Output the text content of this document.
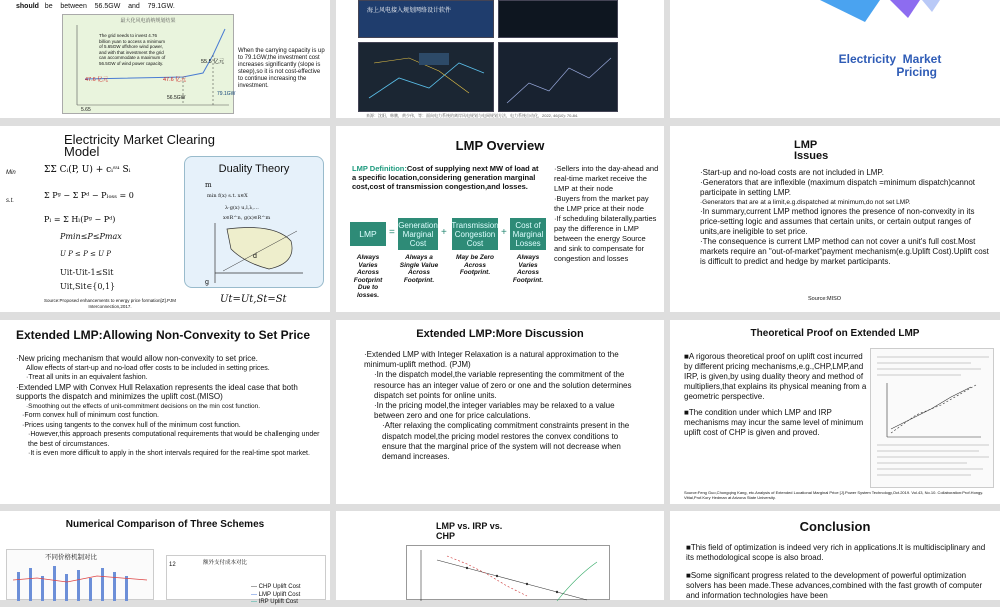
should be between 56.5GW and 79.1GW.
最大化风电消纳规划结果
The grid needs to invest 4.76 billion yuan to access a minimum of 5.65GW offshore wind power, and with that investment the grid can accommodate a maximum of 56.5GW of wind power capacity.
47.6 亿元	47.6 亿元
55.5 亿元
79.1GW
56.5GW
5.65
When the carrying capacity is up to 79.1GW,the investment cost increases significantly (slope is steep),so it is not cost-effective to continue increasing the investment.
海上风电接入规划网络设计软件
来源：沈阳，韩鹏，黄少伟，等：面向电力系统的离岸风电规划与电网规划方法，电力系统自动化，2022, 46(10): 70-84.
Electricity Market
Pricing
Electricity Market Clearing
Model
Min
s.t.
ΣΣ Cᵢ(P, U) + cᵢˢᵘ Sᵢ
Σ Pᵍ − Σ Pᵈ − Pₗₒₛₛ = 0
Pₗ = Σ Hₗ(Pᵍ − Pᵈ)
Pmin≤P≤Pmax
U P ≤ P ≤ U P
Uit-Uit-1≤Sit
Uit,Sit∈{0,1}
Source:Proposed enhancements to energy price formation[Z].PJM Interconnection,2017.
Duality Theory
m
min f(x) s.t. x∈X
λ·g(x) u,l,λ,...
x∈R^n, g(x)∈R^m
g
d
Ut=Ut,St=St
LMP Overview
LMP Definition:Cost of supplying next MW of load at a specific location,considering generation marginal cost,cost of transmission congestion,and losses.
LMP	=
Generation Marginal Cost
+
Transmission Congestion Cost
+
Cost of Marginal Losses
Always Varies Across Footprint Due to losses.
Always a Single Value Across Footprint.
May be Zero Across Footprint.
Always Varies Across Footprint.
·Sellers into the day-ahead and real-time market receive the LMP at their node
·Buyers from the market pay the LMP price at their node
·If scheduling bilaterally,parties pay the difference in LMP between the energy Source and sink to compensate for congestion and losses
LMP
Issues
·Start-up and no-load costs are not included in LMP.
·Generators that are inflexible (maximum dispatch =minimum dispatch)cannot participate in setting LMP.
·Generators that are at a limit,e.g.dispatched at minimum,do not set LMP.
·In summary,current LMP method ignores the presence of non-convexity in its price-setting logic and assumes that certain units, or certain output ranges of units,are ineligible to set price.
·The consequence is current LMP method can not cover a unit's full cost.Most markets require an "out-of-market"payment mechanism(e.g.Uplift Cost).Uplift cost is difficult to predict and hedge by market participants.
Source:MISO
Extended LMP:Allowing Non-Convexity to Set Price
·New pricing mechanism that would allow non-convexity to set price.
Allow effects of start-up and no-load offer costs to be included in setting prices.
·Treat all units in an equivalent fashion.
·Extended LMP with Convex Hull Relaxation represents the ideal case that both supports the dispatch and minimizes the uplift cost.(MISO)
·Smoothing out the effects of unit-commitment decisions on the min cost function.
·Form convex hull of minimum cost function.
·Prices using tangents to the convex hull of the minimum cost function.
·However,this approach presents computational requirements that would be challenging under the best of circumstances.
·It is even more difficult to apply in the short intervals required for the real-time spot market.
Extended LMP:More Discussion
·Extended LMP with Integer Relaxation is a natural approximation to the minimum-uplift method. (PJM)
·In the dispatch model,the variable representing the commitment of the resource has an integer value of zero or one and the solution determines dispatch set points for online units.
·In the pricing model,the integer variables may be relaxed to a value between zero and one for price calculations.
·After relaxing the complicating commitment constraints present in the dispatch model,the pricing model restores the convex conditions to ensure that the marginal price of the system will not decrease when demand increases.
Theoretical Proof on Extended LMP
■A rigorous theoretical proof on uplift cost incurred by different pricing mechanisms,e.g.,CHP,LMP,and IRP, is given,by using duality theory and method of multipliers,that explains its physical meaning from a geometric perspective.
■The condition under which LMP and IRP mechanisms may incur the same level of minimum uplift cost of CHP is given and proved.
Source:Feng Guo,Chongqing Kang, etc.Analysis of Extended Locational Marginal Price [J].Power System Technology,Oct.2019. Vol.43, No.10. Collaboration:Prof.Hongy. Vittal,Prof.Kory Hedman at Arizona State University.
Numerical Comparison of Three Schemes
不同价格机制对比
额外支付成本对比
12
— CHP Uplift Cost
— LMP Uplift Cost
— IRP Uplift Cost
LMP vs. IRP vs.
CHP
Conclusion
■This field of optimization is indeed very rich in applications.It is multidisciplinary and its methodological scope is also broad.
■Some significant progress related to the development of powerful optimization solvers has been made.These advances,combined with the fast growth of computer and information technologies have been
